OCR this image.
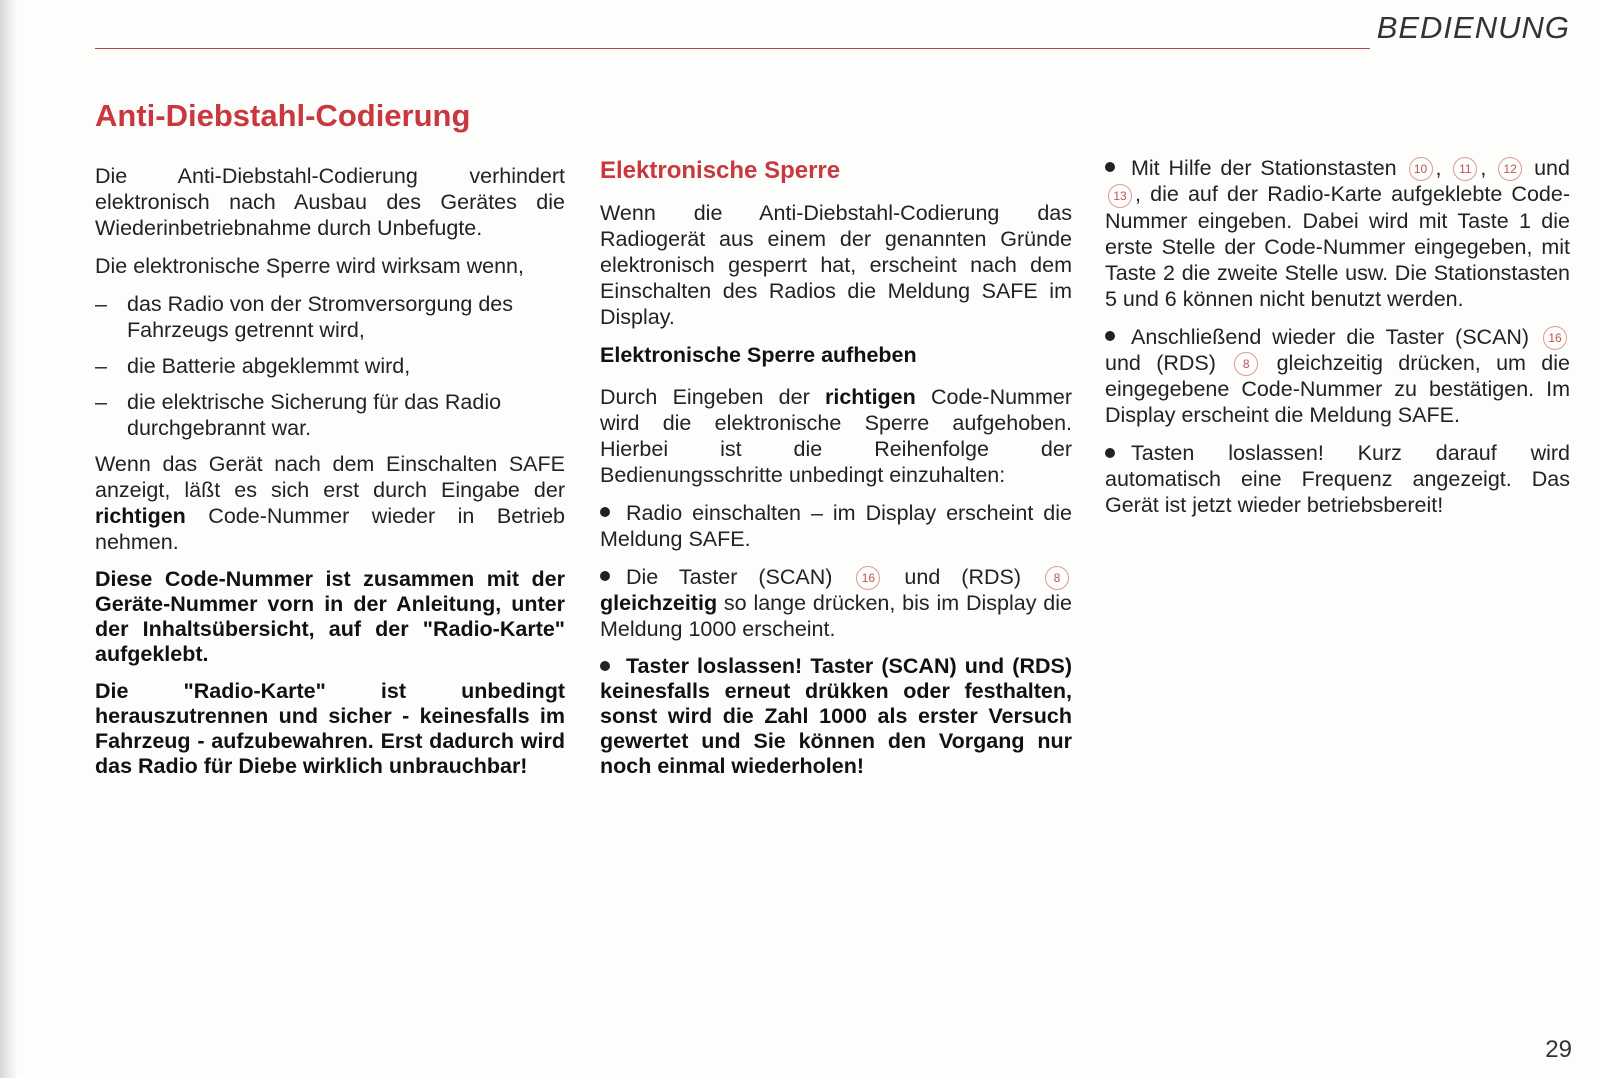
BEDIENUNG
Anti-Diebstahl-Codierung

Die Anti-Diebstahl-Codierung verhindert elektronisch nach Ausbau des Gerätes die Wiederinbetriebnahme durch Unbefugte.

Die elektronische Sperre wird wirksam wenn,

– das Radio von der Stromversorgung des Fahrzeugs getrennt wird,
– die Batterie abgeklemmt wird,
– die elektrische Sicherung für das Radio durchgebrannt war.

Wenn das Gerät nach dem Einschalten SAFE anzeigt, läßt es sich erst durch Eingabe der richtigen Code-Nummer wieder in Betrieb nehmen.

Diese Code-Nummer ist zusammen mit der Geräte-Nummer vorn in der Anleitung, unter der Inhaltsübersicht, auf der "Radio-Karte" aufgeklebt.

Die "Radio-Karte" ist unbedingt herauszutrennen und sicher - keinesfalls im Fahrzeug - aufzubewahren. Erst dadurch wird das Radio für Diebe wirklich unbrauchbar!

Elektronische Sperre

Wenn die Anti-Diebstahl-Codierung das Radiogerät aus einem der genannten Gründe elektronisch gesperrt hat, erscheint nach dem Einschalten des Radios die Meldung SAFE im Display.

Elektronische Sperre aufheben

Durch Eingeben der richtigen Code-Nummer wird die elektronische Sperre aufgehoben. Hierbei ist die Reihenfolge der Bedienungsschritte unbedingt einzuhalten:

Radio einschalten – im Display erscheint die Meldung SAFE.

Die Taster (SCAN) 16 und (RDS) 8 gleichzeitig so lange drücken, bis im Display die Meldung 1000 erscheint.

Taster loslassen! Taster (SCAN) und (RDS) keinesfalls erneut drükken oder festhalten, sonst wird die Zahl 1000 als erster Versuch gewertet und Sie können den Vorgang nur noch einmal wiederholen!

Mit Hilfe der Stationstasten 10 , 11 , 12 und13 , die auf der Radio-Karte aufgeklebte Code-Nummer eingeben. Dabei wird mit Taste 1 die erste Stelle der Code-Nummer eingegeben, mit Taste 2 die zweite Stelle usw. Die Stationstasten 5 und 6 können nicht benutzt werden.

Anschließend wieder die Taster (SCAN) 16 und (RDS) 8 gleichzeitig drücken, um die eingegebene Code-Nummer zu bestätigen. Im Display erscheint die Meldung SAFE.

Tasten loslassen! Kurz darauf wird automatisch eine Frequenz angezeigt. Das Gerät ist jetzt wieder betriebsbereit!

29
